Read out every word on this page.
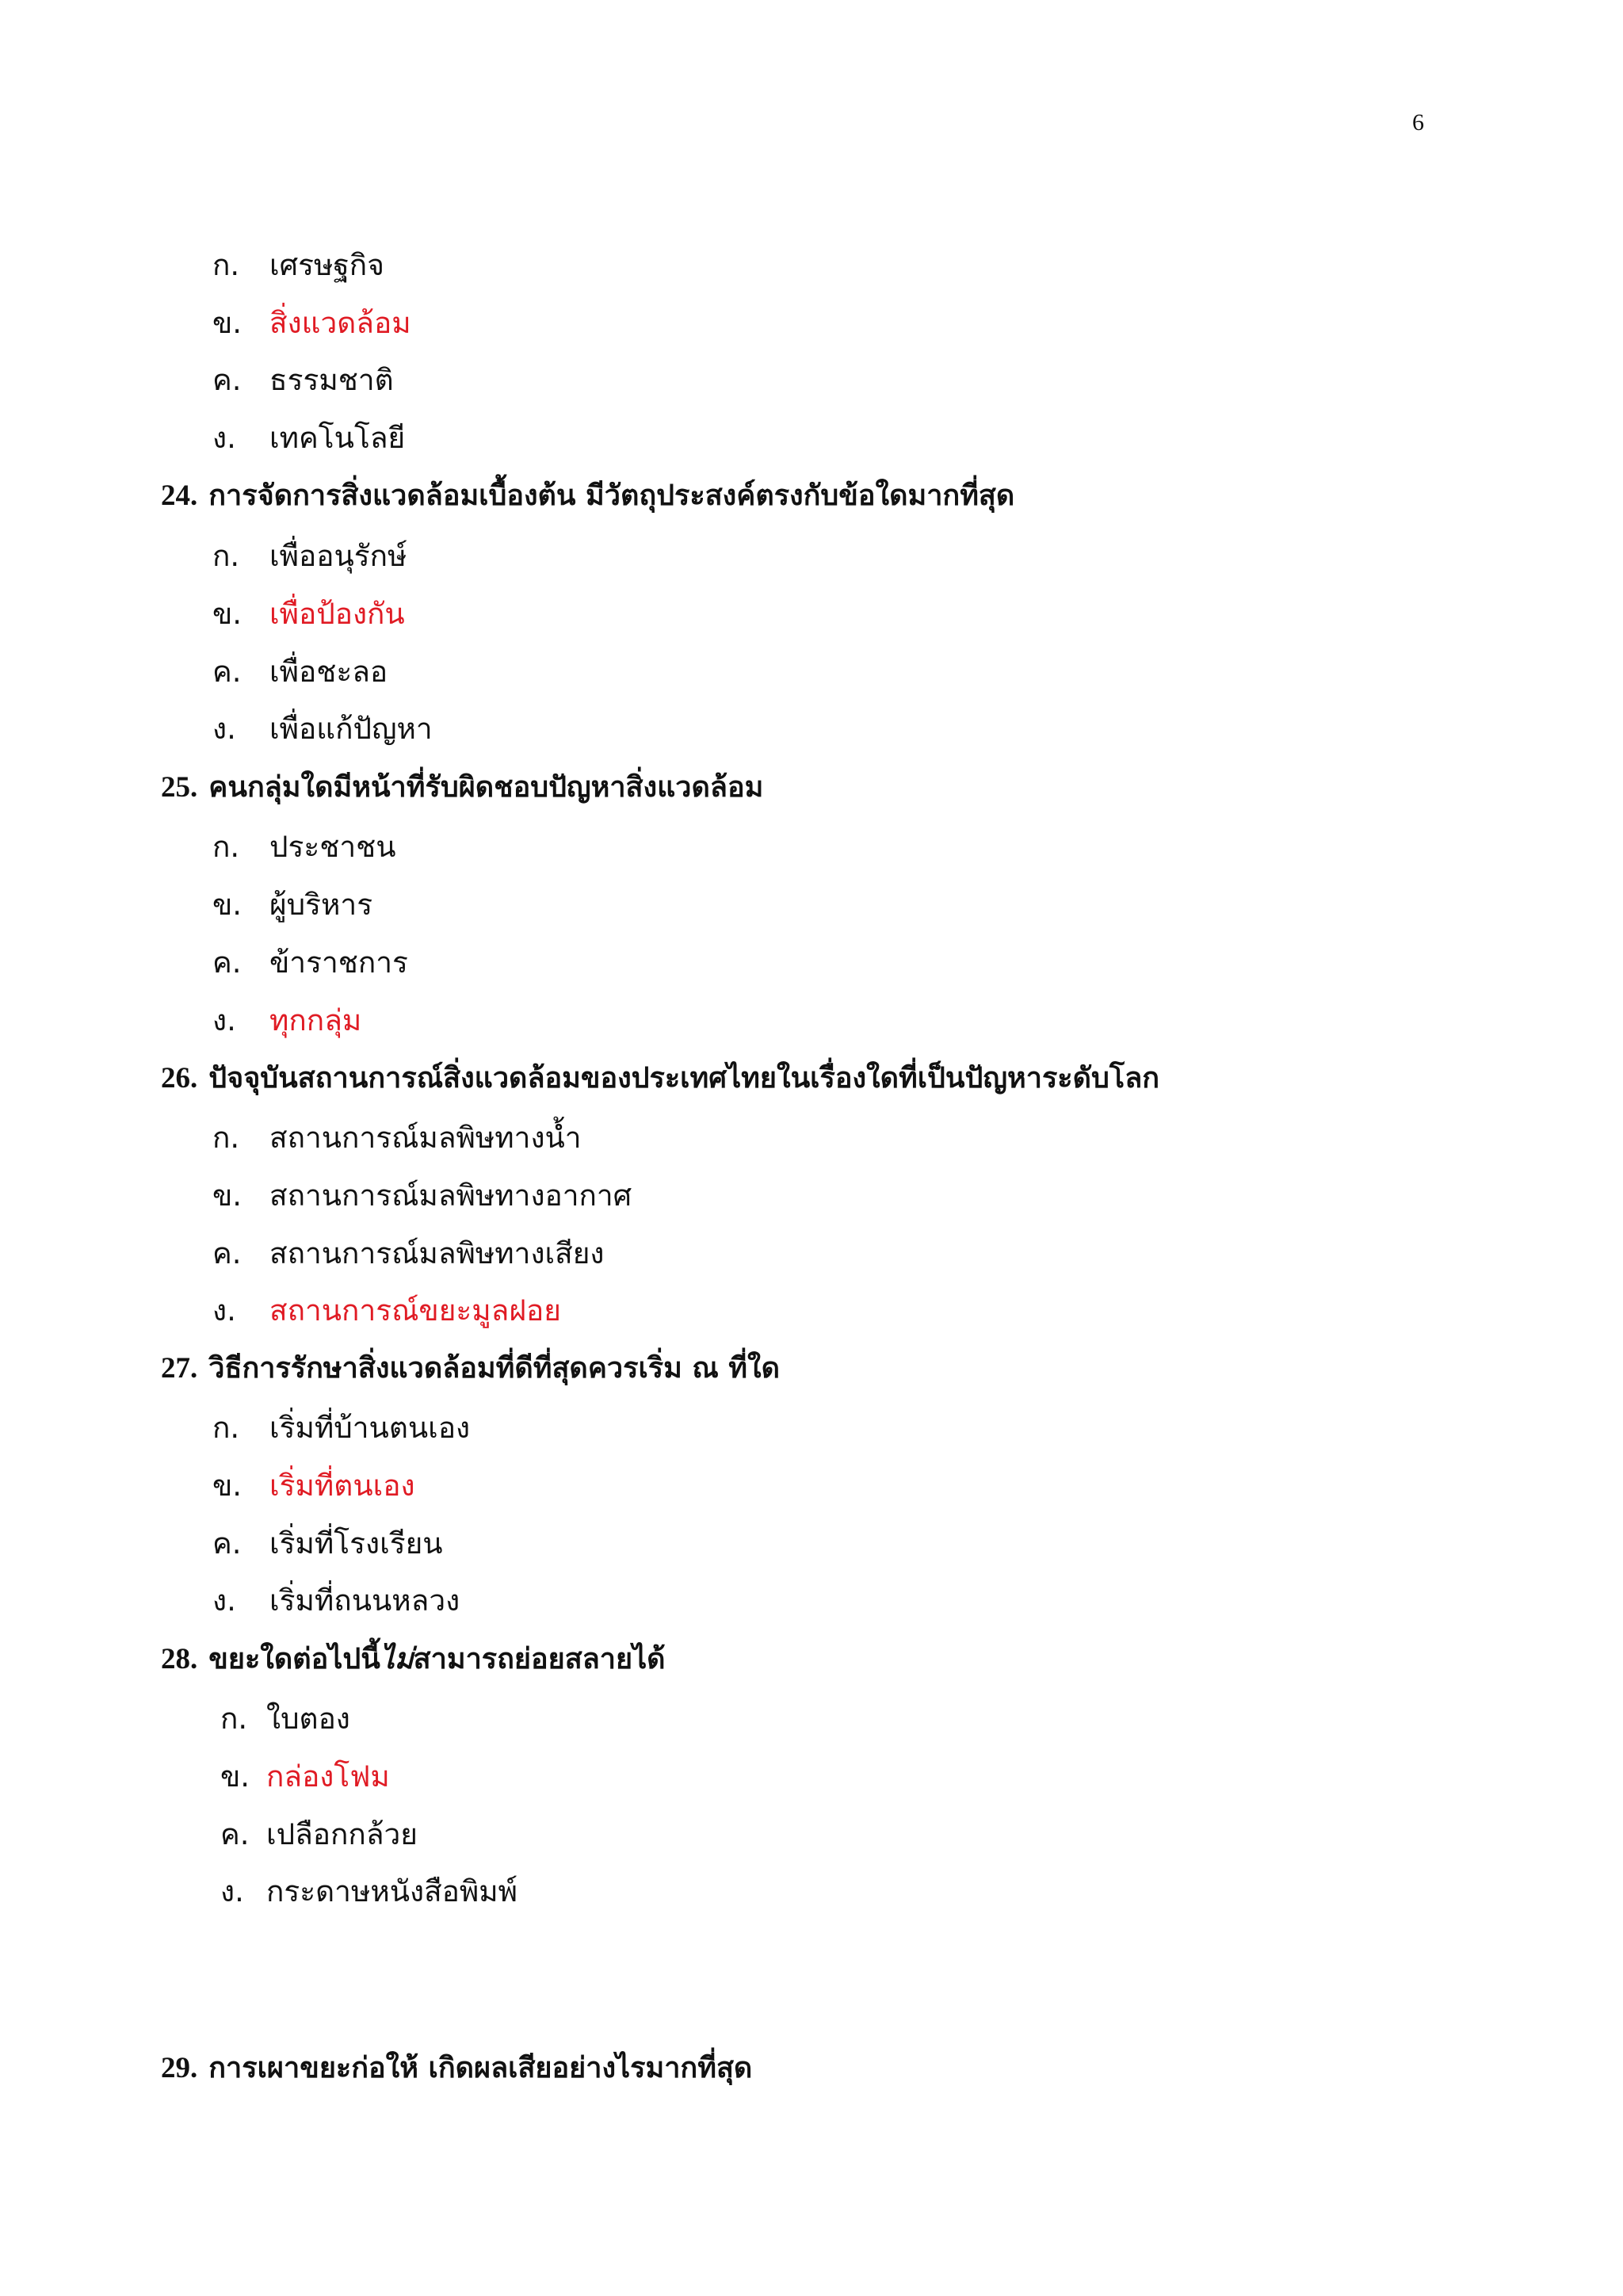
6
ก. เศรษฐกิจ
ข. สิ่งแวดล้อม
ค. ธรรมชาติ
ง. เทคโนโลยี
24. การจัดการสิ่งแวดล้อมเบื้องต้น มีวัตถุประสงค์ตรงกับข้อใดมากที่สุด
ก. เพื่ออนุรักษ์
ข. เพื่อป้องกัน
ค. เพื่อชะลอ
ง. เพื่อแก้ปัญหา
25. คนกลุ่มใดมีหน้าที่รับผิดชอบปัญหาสิ่งแวดล้อม
ก. ประชาชน
ข. ผู้บริหาร
ค. ข้าราชการ
ง. ทุกกลุ่ม
26. ปัจจุบันสถานการณ์สิ่งแวดล้อมของประเทศไทยในเรื่องใดที่เป็นปัญหาระดับโลก
ก. สถานการณ์มลพิษทางน้ำ
ข. สถานการณ์มลพิษทางอากาศ
ค. สถานการณ์มลพิษทางเสียง
ง. สถานการณ์ขยะมูลฝอย
27. วิธีการรักษาสิ่งแวดล้อมที่ดีที่สุดควรเริ่ม ณ ที่ใด
ก. เริ่มที่บ้านตนเอง
ข. เริ่มที่ตนเอง
ค. เริ่มที่โรงเรียน
ง. เริ่มที่ถนนหลวง
28. ขยะใดต่อไปนี้ไม่สามารถย่อยสลายได้
ก. ใบตอง
ข. กล่องโฟม
ค. เปลือกกล้วย
ง. กระดาษหนังสือพิมพ์
29. การเผาขยะก่อให้ เกิดผลเสียอย่างไรมากที่สุด
